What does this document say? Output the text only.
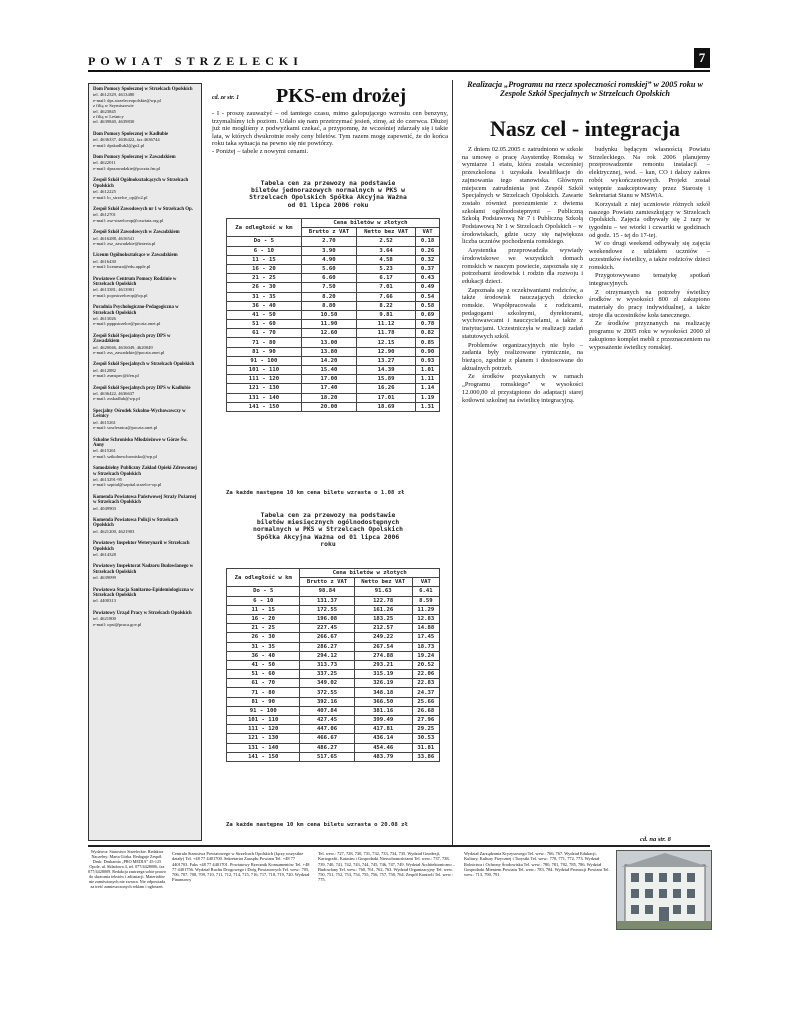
POWIAT STRZELECKI	7
Dom Pomocy Społecznej w Strzelcach Opolskich
tel. 4612329, 4613480
e-mail: dps.strzeleceopolskie@wp.pl
z filią w Szymiszowie
tel. 4623845
z filią w Leśnicy
tel. 4639840, 4639830
Dom Pomocy Społecznej w Kadłubie
tel. 4636337, 4636422, fax 4636744
e-mail: dpskadlub2@go2.pl
Dom Pomocy Społecznej w Zawadzkiem
tel. 4622011
e-mail: dpszawadzkie@poczta.fm.pl
Zespół Szkół Ogólnokształcących w Strzelcach Opolskich
tel. 4612225
e-mail: lo_strzelce_op@o2.pl
Zespół Szkół Zawodowych nr 1 w Strzelcach Op.
tel. 4612701
e-mail: zsz-strzelceop@oswiata.org.pl
Zespół Szkół Zawodowych w Zawadzkiem
tel. 4616288, 4616541
e-mail: zsz_zawadzkie@interia.pl
Liceum Ogólnokształcące w Zawadzkiem
tel. 4616430
e-mail: liceumza@edu.apple.pl
Powiatowe Centrum Pomocy Rodzinie w Strzelcach Opolskich
tel. 4613381, 4613901
e-mail: pcprstrzelceop@op.pl
Poradnia Psychologiczno-Pedagogiczna w Strzelcach Opolskich
tel. 4613026
e-mail: ppppstrzelce@poczta.onet.pl
Zespół Szkół Specjalnych przy DPS w Zawadzkiem
tel. 4620046, 4616049, 4620049
e-mail: zss_zawadzkie@poczta.onet.pl
Zespół Szkół Specjalnych w Strzelcach Opolskich
tel. 4612882
e-mail: zsmspec@ifen.pl
Zespół Szkół Specjalnych przy DPS w Kadłubie
tel. 4636422, 4636637
e-mail: zsskadlub@wp.pl
Specjalny Ośrodek Szkolno-Wychowawczy w Leśnicy
tel. 4615261
e-mail: sosrlesnica@poczta.onet.pl
Szkolne Schronisko Młodzieżowe w Górze Św. Anny
tel. 4615261
e-mail: sztkolneschronisko@wp.pl
Samodzielny Publiczny Zakład Opieki Zdrowotnej w Strzelcach Opolskich
tel. 4613291-95
e-mail: szpital@szpital.strzelce-op.pl
Komenda Powiatowa Państwowej Straży Pożarnej w Strzelcach Opolskich
tel. 4049903
Komenda Powiatowa Policji w Strzelcach Opolskich
tel. 4621200, 4621903
Powiatowy Inspektor Weterynarii w Strzelcach Opolskich
tel. 4614328
Powiatowy Inspektorat Nadzoru Budowlanego w Strzelcach Opolskich
tel. 4639099
Powiatowa Stacja Sanitarno-Epidemiologiczna w Strzelcach Opolskich
tel. 4400313
Powiatowy Urząd Pracy w Strzelcach Opolskich
tel. 4621800
e-mail: opst@praca.gov.pl
cd. ze str. 1 PKS-em drożej

- I - proszę zauważyć – od tamtego czasu, mimo galopującego wzrostu cen benzyny, trzymaliśmy ich poziom. Udało się nam przetrzymać jesień, zimę, aż do czerwca. Dłużej już nie mogliśmy z podwyżkami czekać, a przypomnę, że wcześniej zdarzały się i takie lata, w których dwukrotnie rosły ceny biletów. Tym razem mogę zapewnić, że do końca roku taka sytuacja na pewno się nie powtórzy.

- Poniżej – tabele z nowymi cenami.

Tabela cen za przewozy na podstawie biletów jednorazowych normalnych w PKS w Strzelcach Opolskich Spółka Akcyjna Ważna od 01 lipca 2006 roku
Za odległość w km	Cena biletów w złotych		
	Brutto z VAT	Netto bez VAT	VAT
Do - 5	2.70	2.52	0.18
6 - 10	3.90	3.64	0.26
11 - 15	4.90	4.58	0.32
16 - 20	5.60	5.23	0.37
21 - 25	6.60	6.17	0.43
26 - 30	7.50	7.01	0.49
31 - 35	8.20	7.66	0.54
36 - 40	8.80	8.22	0.58
41 - 50	10.50	9.81	0.69
51 - 60	11.90	11.12	0.78
61 - 70	12.60	11.78	0.82
71 - 80	13.00	12.15	0.85
81 - 90	13.80	12.90	0.90
91 - 100	14.20	13.27	0.93
101 - 110	15.40	14.39	1.01
111 - 120	17.00	15.89	1.11
121 - 130	17.40	16.26	1.14
131 - 140	18.20	17.01	1.19
141 - 150	20.00	18.69	1.31
Za każde następne 10 km cena biletu wzrasta o 1.08 zł
Tabela cen za przewozy na podstawie biletów miesięcznych ogólnodostępnych normalnych w PKS w Strzelcach Opolskich Spółka Akcyjna Ważna od 01 lipca 2006 roku
Za odległość w km	Cena biletów w złotych		
	Brutto z VAT	Netto bez VAT	VAT
Do - 5	98.84	91.63	6.41
6 - 10	131.37	122.78	8.59
11 - 15	172.55	161.26	11.29
16 - 20	196.08	183.25	12.83
21 - 25	227.45	212.57	14.88
26 - 30	266.67	249.22	17.45
31 - 35	286.27	267.54	18.73
36 - 40	294.12	274.88	19.24
41 - 50	313.73	293.21	20.52
51 - 60	337.25	315.19	22.06
61 - 70	349.02	326.19	22.83
71 - 80	372.55	348.18	24.37
81 - 90	392.16	366.50	25.66
91 - 100	407.84	381.16	26.68
101 - 110	427.45	399.49	27.96
111 - 120	447.06	417.81	29.25
121 - 130	466.67	436.14	30.53
131 - 140	486.27	454.46	31.81
141 - 150	517.65	483.79	33.86
Za każde następne 10 km cena biletu wzrasta o 20.08 zł
Realizacja „Programu na rzecz społeczności romskiej” w 2005 roku w Zespole Szkół Specjalnych w Strzelcach Opolskich
Nasz cel - integracja

Z dniem 02.05.2005 r. zatrudniono w szkole na umowę o pracę Asystentkę Romską w wymiarze 1 etatu, która została wcześniej przeszkolona i uzyskała kwalifikacje do zajmowania tego stanowiska. Głównym miejscem zatrudnienia jest Zespół Szkół Specjalnych w Strzelcach Opolskich. Zawarte zostało również porozumienie z dwiema szkołami ogólnodostępnymi – Publiczną Szkołą Podstawową Nr 7 i Publiczną Szkołą Podstawową Nr 1 w Strzelcach Opolskich – w środowiskach, gdzie uczy się największa liczba uczniów pochodzenia romskiego.

Asystentka przeprowadziła wywiady środowiskowe we wszystkich domach romskich w naszym powiecie, zapoznała się z potrzebami środowisk i rodzin dla rozwoju i edukacji dzieci.

Zapoznała się z oczekiwaniami rodziców, a także środowisk nauczających dziecko romskie. Współpracowała z rodzicami, pedagogami szkolnymi, dyrektorami, wychowawcami i nauczycielami, a także z instytucjami. Uczestniczyła w realizacji zadań statutowych szkół.

Problemów organizacyjnych nie było – zadania były realizowane rytmicznie, na bieżąco, zgodnie z planem i dostosowane do aktualnych potrzeb.

Ze środków pozyskanych w ramach „Programu romskiego” w wysokości 12.000,00 zł przystąpiono do adaptacji starej kotłowni szkolnej na świetlicę integracyjną.

budynku będącym własnością Powiatu Strzeleckiego. Na rok 2006 planujemy przeprowadzenie remontu instalacji – elektrycznej, wod. – kan, CO i dalszy zakres robót wykończeniowych. Projekt został wstępnie zaakceptowany przez Starostę i Sekretariat Stanu w MSWiA.

Korzystali z niej uczniowie różnych szkół naszego Powiatu zamieszkujący w Strzelcach Opolskich. Zajęcia odbywały się 2 razy w tygodniu – we wtorki i czwartki w godzinach od godz. 15 - tej do 17-tej.

W co drugi weekend odbywały się zajęcia weekendowe z udziałem uczniów – uczestników świetlicy, a także rodziców dzieci romskich.

Przygotowywano tematykę spotkań integracyjnych.

Z otrzymanych na potrzeby świetlicy środków w wysokości 800 zł zakupiono materiały do pracy indywidualnej, a także stroje dla uczestników koła tanecznego.

Ze środków przyznanych na realizację programu w 2005 roku w wysokości 2000 zł zakupiono komplet mebli z przeznaczeniem na wyposażenie świetlicy romskiej.

cd. na str. 8
Wydawca: Starostwo Strzeleckie. Redaktor Naczelny: Marta Górka. Redaguje Zespół. Druk: Drukarnia „PRO MEDIA” 45-125 Opole, ul. Składowa 4, tel. 077/4428006, fax 077/4428009. Redakcja zastrzega sobie prawo do skracania tekstów i adiustacji. Materiałów nie zamówionych nie zwraca. Nie odpowiada za treść zamieszczonych reklam i ogłoszeń.
Centrala Starostwa Powiatowego w Strzelcach Opolskich (łączy wszystkie działy) Tel. +48 77 4401700. Sekretariat Zarządu Powiatu Tel. +48 77 4401703. Faks +48 77 4401701. Powiatowy Rzecznik Konsumentów Tel. +48 77 4401756. Wydział Ruchu Drogowego i Dróg Powiatowych Tel. wew.: 705, 706, 707, 708, 709, 710, 711, 712, 714, 715, 716, 717, 718, 719, 720. Wydział Finansowy
Tel. wew.: 727, 728, 730, 731, 732, 733, 734, 735. Wydział Geodezji, Kartografii, Katastru i Gospodarki Nieruchomościami Tel. wew.: 737, 738, 739, 740, 741, 742, 743, 744, 745, 746, 747, 749. Wydział Architektoniczno – Budowlany Tel. wew.: 760, 761, 762, 763. Wydział Organizacyjny Tel. wew. 750, 751, 752, 753, 754, 755, 756, 757, 758, 764. Zespół Kontroli Tel. wew.: 775.
Wydział Zarządzania Kryzysowego Tel. wew.: 766, 767. Wydział Edukacji, Kultury, Kultury Fizycznej i Turystki Tel. wew.: 770, 771, 772, 773. Wydział Rolnictwa i Ochrony Środowiska Tel. wew.: 780, 781, 782, 785, 786. Wydział Gospodarki Mieniem Powiatu Tel. wew.: 783, 784. Wydział Promocji Powiatu Tel. wew.: 713, 790, 791.
